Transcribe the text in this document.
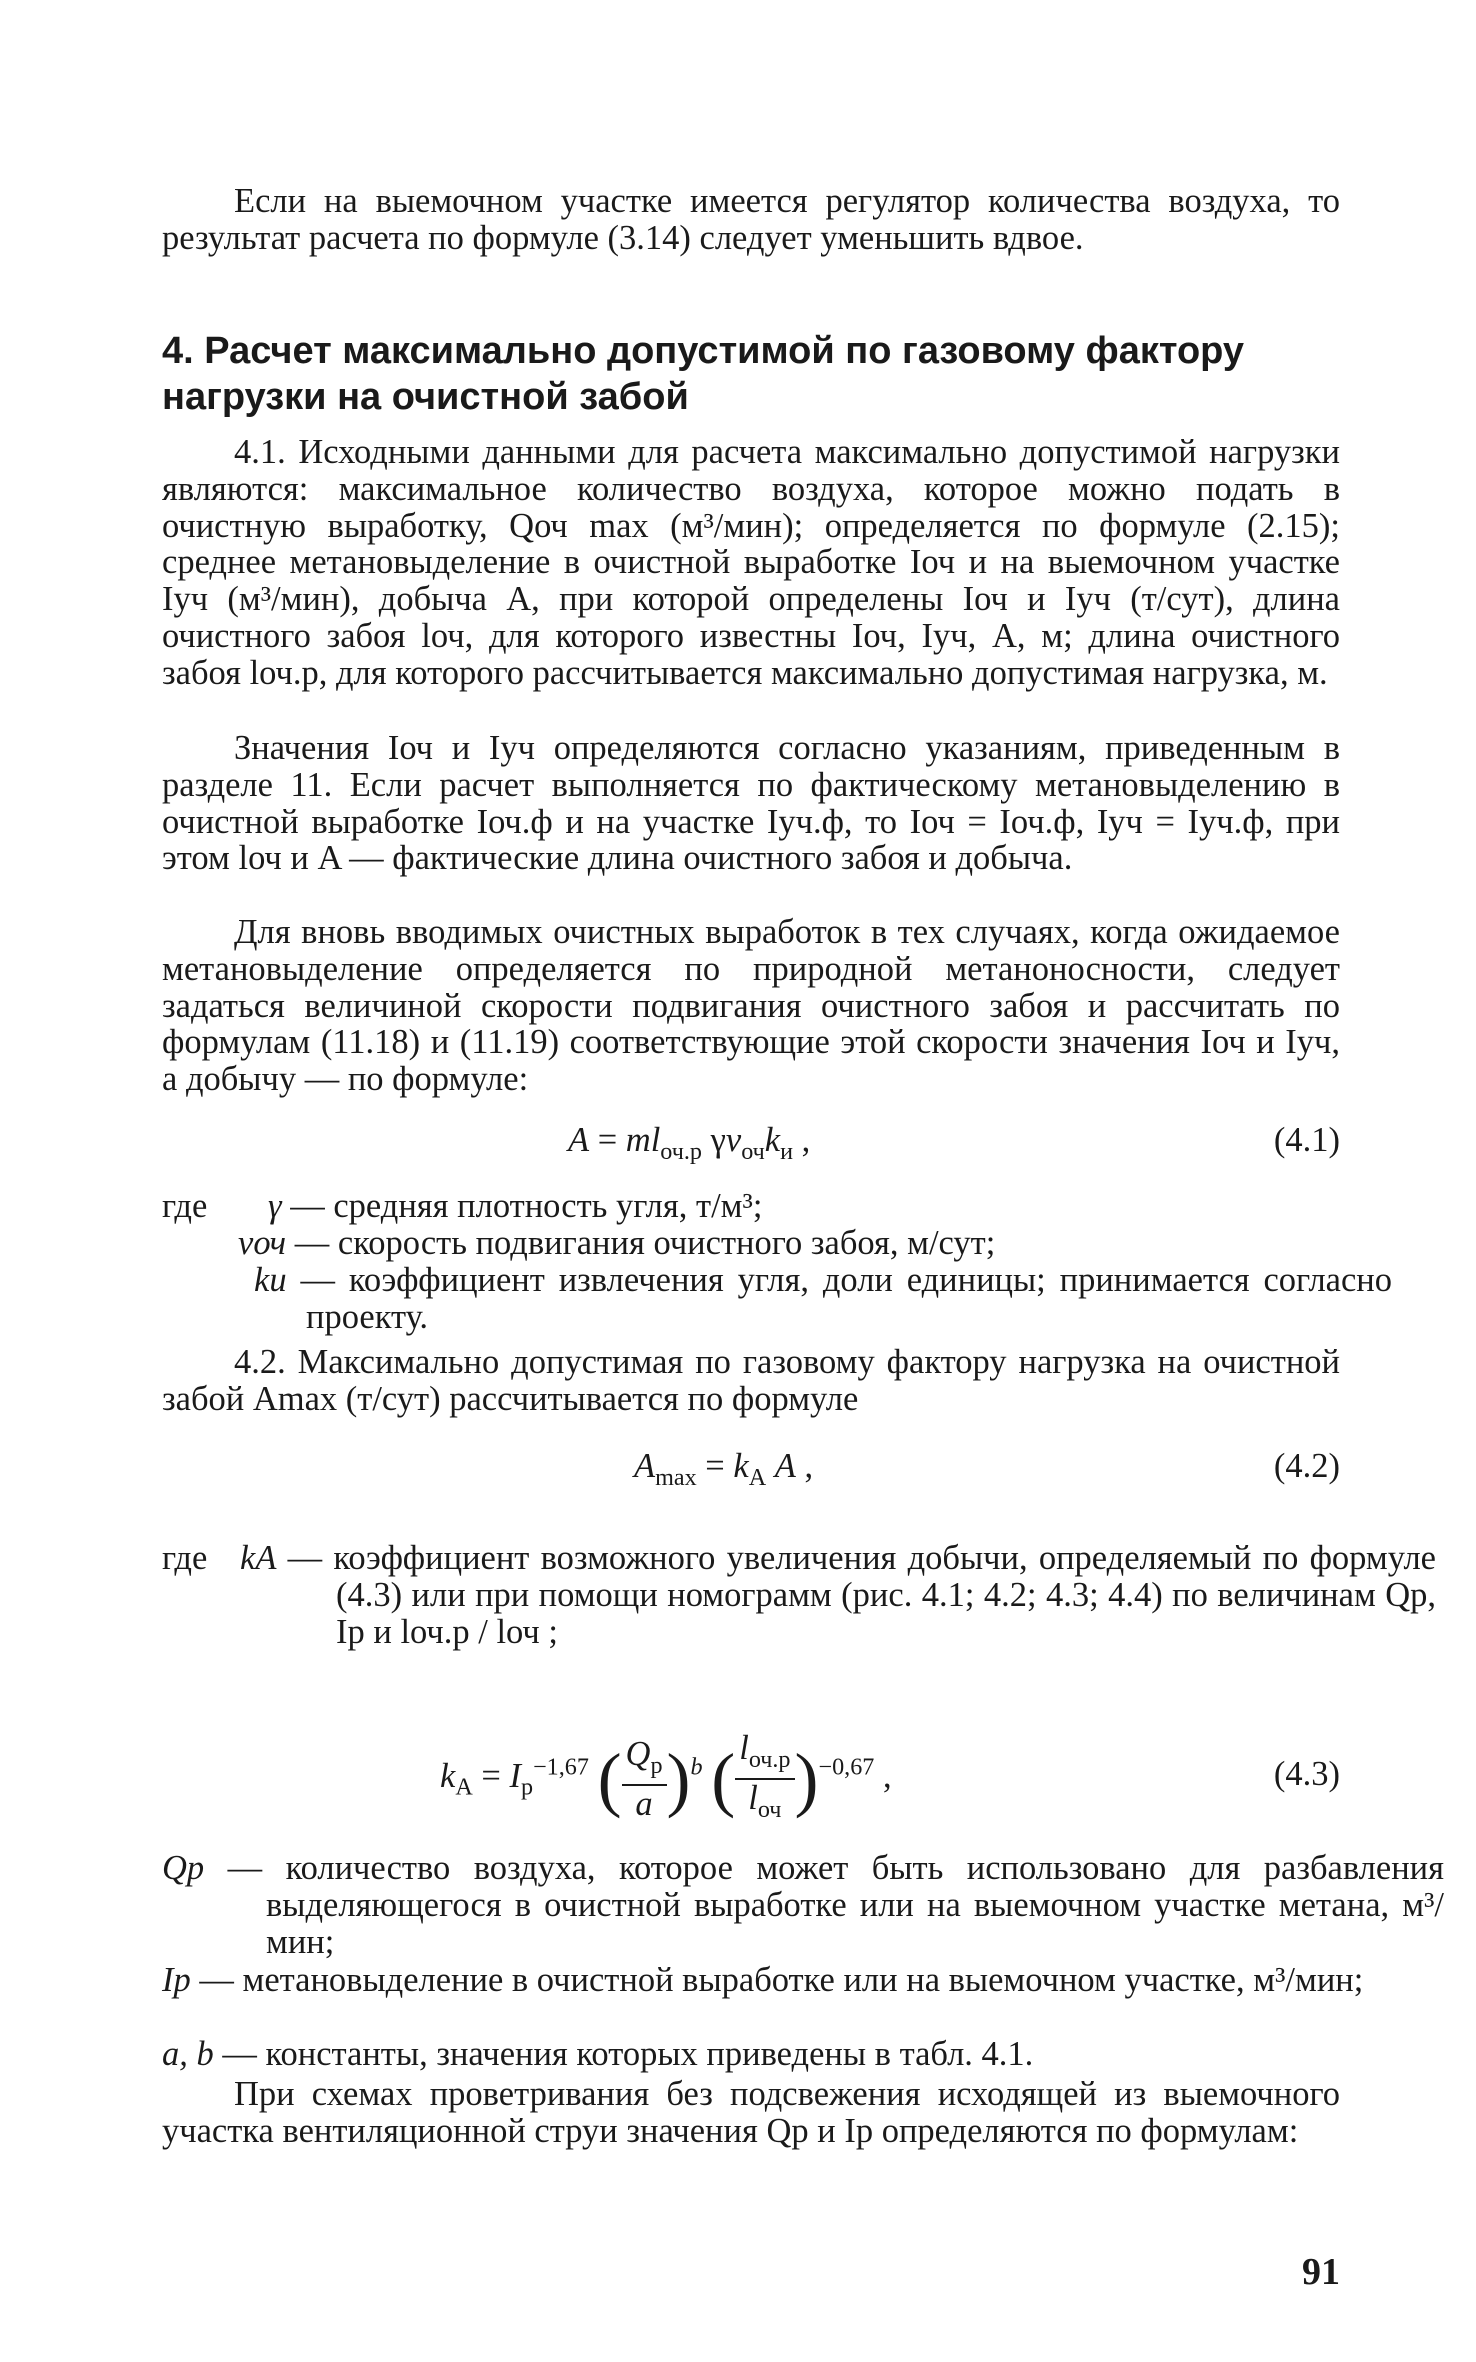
Если на выемочном участке имеется регулятор количества воздуха, то результат расчета по формуле (3.14) следует уменьшить вдвое.

4. Расчет максимально допустимой по газовому фактору нагрузки на очистной забой

4.1. Исходными данными для расчета максимально допустимой нагрузки являются: максимальное количество воздуха, которое можно подать в очистную выработку, Qоч max (м³/мин); определяется по формуле (2.15); среднее метановыделение в очистной выработке Iоч и на выемочном участке Iуч (м³/мин), добыча A, при которой определены Iоч и Iуч (т/сут), длина очистного забоя lоч, для которого известны Iоч, Iуч, А, м; длина очистного забоя lоч.р, для которого рассчитывается максимально допустимая нагрузка, м.

Значения Iоч и Iуч определяются согласно указаниям, приведенным в разделе 11. Если расчет выполняется по фактическому метановыделению в очистной выработке Iоч.ф и на участке Iуч.ф, то Iоч = Iоч.ф, Iуч = Iуч.ф, при этом lоч и A — фактические длина очистного забоя и добыча.

Для вновь вводимых очистных выработок в тех случаях, когда ожидаемое метановыделение определяется по природной метаноносности, следует задаться величиной скорости подвигания очистного забоя и рассчитать по формулам (11.18) и (11.19) соответствующие этой скорости значения Iоч и Iуч, а добычу — по формуле:

$A = ml_{оч.р}$ $\gamma v_{оч}k_и$ ,	(4.1)

где	γ — средняя плотность угля, т/м³;

vоч — скорость подвигания очистного забоя, м/сут;

kи — коэффициент извлечения угля, доли единицы; принимается согласно проекту.

4.2. Максимально допустимая по газовому фактору нагрузка на очистной забой Amax (т/сут) рассчитывается по формуле

$A_{max} = k_A$ A ,	(4.2)

где kA — коэффициент возможного увеличения добычи, определяемый по формуле (4.3) или при помощи номограмм (рис. 4.1; 4.2; 4.3; 4.4) по величинам Qр, Iр и lоч.р / lоч ;

$k_A = I_р^{-1,67}$ ( $\frac{Q_р}{a} )^b$ ( $\frac{l_{оч.р}}{l_{оч}} )^{-0,67}$ ,	(4.3)

Qр — количество воздуха, которое может быть использовано для разбавления выделяющегося в очистной выработке или на выемочном участке метана, м³/мин;

Iр — метановыделение в очистной выработке или на выемочном участке, м³/мин;

a, b — константы, значения которых приведены в табл. 4.1.

При схемах проветривания без подсвежения исходящей из выемочного участка вентиляционной струи значения Qр и Iр определяются по формулам:

91
